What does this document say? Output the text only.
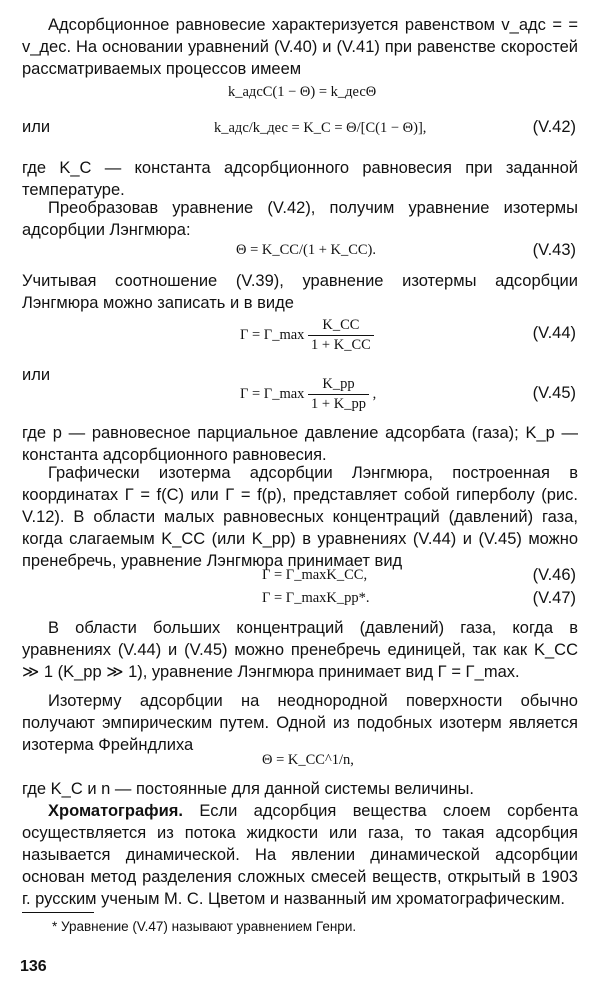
Адсорбционное равновесие характеризуется равенством v_адс = = v_дес. На основании уравнений (V.40) и (V.41) при равенстве скоростей рассматриваемых процессов имеем

k_адсC(1 − Θ) = k_десΘ
или	k_адс/k_дес = K_C = Θ/[C(1 − Θ)],	(V.42)

где K_C — константа адсорбционного равновесия при заданной температуре.

Преобразовав уравнение (V.42), получим уравнение изотермы адсорбции Лэнгмюра:

Θ = K_CC/(1 + K_CC).	(V.43)

Учитывая соотношение (V.39), уравнение изотермы адсорбции Лэнгмюра можно записать и в виде

Γ = Γ_max $\frac{K\_CC}{1 + K\_CC}$	(V.44)
или
Γ = Γ_max $\frac{K\_pp}{1 + K\_pp}$ ,	(V.45)

где p — равновесное парциальное давление адсорбата (газа); K_p — константа адсорбционного равновесия.

Графически изотерма адсорбции Лэнгмюра, построенная в координатах Γ = f(C) или Γ = f(p), представляет собой гиперболу (рис. V.12). В области малых равновесных концентраций (давлений) газа, когда слагаемым K_CC (или K_pp) в уравнениях (V.44) и (V.45) можно пренебречь, уравнение Лэнгмюра принимает вид

Γ = Γ_maxK_CC,	(V.46)
Γ = Γ_maxK_pp*.	(V.47)

В области больших концентраций (давлений) газа, когда в уравнениях (V.44) и (V.45) можно пренебречь единицей, так как K_CC ≫ 1 (K_pp ≫ 1), уравнение Лэнгмюра принимает вид Γ = Γ_max.

Изотерму адсорбции на неоднородной поверхности обычно получают эмпирическим путем. Одной из подобных изотерм является изотерма Фрейндлиха

Θ = K_CC^1/n,

где K_C и n — постоянные для данной системы величины.

Хроматография. Если адсорбция вещества слоем сорбента осуществляется из потока жидкости или газа, то такая адсорбция называется динамической. На явлении динамической адсорбции основан метод разделения сложных смесей веществ, открытый в 1903 г. русским ученым М. С. Цветом и названный им хроматографическим.

* Уравнение (V.47) называют уравнением Генри.
136
